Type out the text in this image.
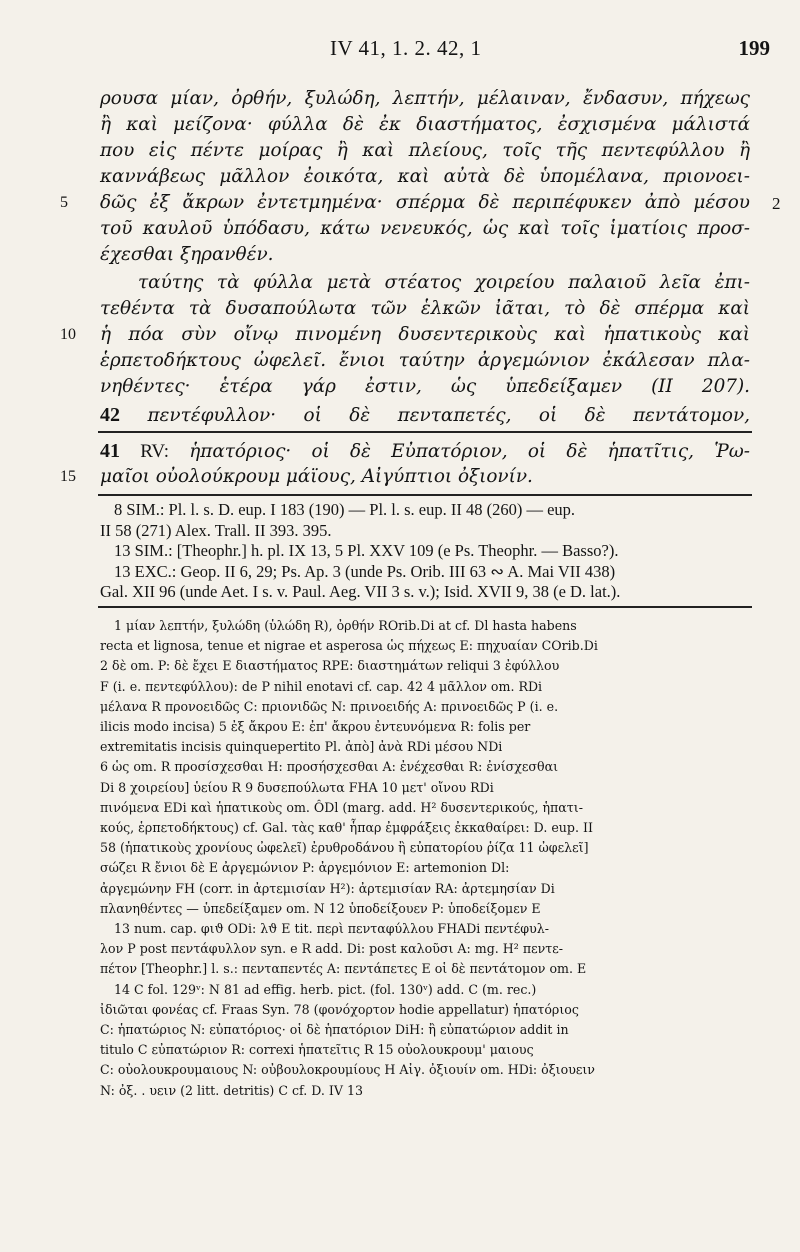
IV 41, 1. 2. 42, 1	199
ρουσα μίαν, ὀρθήν, ξυλώδη, λεπτήν, μέλαιναν, ἔνδασυν, πήχεως
ἢ καὶ μείζονα· φύλλα δὲ ἐκ διαστήματος, ἐσχισμένα μάλιστά
που εἰς πέντε μοίρας ἢ καὶ πλείους, τοῖς τῆς πεντεφύλλου ἢ
καννάβεως μᾶλλον ἐοικότα, καὶ αὐτὰ δὲ ὑπομέλανα, πριονοει-
δῶς ἐξ ἄκρων ἐντετμημένα· σπέρμα δὲ περιπέφυκεν ἀπὸ μέσου
5	2
τοῦ καυλοῦ ὑπόδασυ, κάτω νενευκός, ὡς καὶ τοῖς ἱματίοις προσ-
έχεσθαι ξηρανθέν.
ταύτης τὰ φύλλα μετὰ στέατος χοιρείου παλαιοῦ λεῖα ἐπι-
τεθέντα τὰ δυσαπούλωτα τῶν ἑλκῶν ἰᾶται, τὸ δὲ σπέρμα καὶ
ἡ πόα σὺν οἴνῳ πινομένη δυσεντερικοὺς καὶ ἡπατικοὺς καὶ
10
ἑρπετοδήκτους ὠφελεῖ. ἔνιοι ταύτην ἀργεμώνιον ἐκάλεσαν πλα-
νηθέντες· ἑτέρα γάρ ἐστιν, ὡς ὑπεδείξαμεν (II 207).
42 πεντέφυλλον· οἱ δὲ πενταπετές, οἱ δὲ πεντάτομον,
41 RV: ἡπατόριος· οἱ δὲ Εὐπατόριον, οἱ δὲ ἡπατῖτις, Ῥω-
μαῖοι οὐολούκρουμ μάϊους, Αἰγύπτιοι ὀξιονίν.
15
8 SIM.: Pl. l. s. D. eup. I 183 (190) — Pl. l. s. eup. II 48 (260) — eup.
II 58 (271) Alex. Trall. II 393. 395.
13 SIM.: [Theophr.] h. pl. IX 13, 5 Pl. XXV 109 (e Ps. Theophr. — Basso?).
13 EXC.: Geop. II 6, 29; Ps. Ap. 3 (unde Ps. Orib. III 63 ∾ A. Mai VII 438)
Gal. XII 96 (unde Aet. I s. v. Paul. Aeg. VII 3 s. v.); Isid. XVII 9, 38 (e D. lat.).
1 μίαν λεπτήν, ξυλώδη (ὑλώδη R), ὀρθήν ROrib.Di at cf. Dl hasta habens
recta et lignosa, tenue et nigrae et asperosa ὡς πήχεως E: πηχυαίαν COrib.Di
2 δὲ om. P: δὲ ἔχει E διαστήματος RPE: διαστημάτων reliqui 3 ἐφύλλου
F (i. e. πεντεφύλλου): de P nihil enotavi cf. cap. 42 4 μᾶλλον om. RDi
μέλανα R προνοειδῶς C: πριονιδῶς N: πρινοειδής A: πρινοειδῶς P (i. e.
ilicis modo incisa) 5 ἐξ ἄκρου E: ἐπ' ἄκρου ἐντευνόμενα R: folis per
extremitatis incisis quinquepertito Pl. ἀπὸ] ἀνὰ RDi μέσου NDi
6 ὡς om. R προσίσχεσθαι H: προσήσχεσθαι A: ἐνέχεσθαι R: ἐνίσχεσθαι
Di 8 χοιρείου] ὑείου R 9 δυσεπούλωτα FHA 10 μετ' οἴνου RDi
πινόμενα EDi καὶ ἡπατικοὺς om. ÔDl (marg. add. H² δυσεντερικούς, ἡπατι-
κούς, ἑρπετοδήκτους) cf. Gal. τὰς καθ' ἧπαρ ἐμφράξεις ἐκκαθαίρει: D. eup. II
58 (ἡπατικοὺς χρονίους ὠφελεῖ) ἐρυθροδάνου ἢ εὐπατορίου ῥίζα 11 ὠφελεῖ]
σώζει R ἔνιοι δὲ E ἀργεμώνιον P: ἀργεμόνιον E: artemonion Dl:
ἀργεμώνην FH (corr. in ἀρτεμισίαν H²): ἀρτεμισίαν RA: ἀρτεμησίαν Di
πλανηθέντες — ὑπεδείξαμεν om. N 12 ὑποδείξουεν P: ὑποδείξομεν E
13 num. cap. φιϑ ODi: λϑ E tit. περὶ πενταφύλλου FHADi πεντέφυλ-
λον P post πεντάφυλλον syn. e R add. Di: post καλοῦσι A: mg. H² πεντε-
πέτον [Theophr.] l. s.: πενταπεντές A: πεντάπετες E οἱ δὲ πεντάτομον om. E
14 C fol. 129ᵛ: N 81 ad effig. herb. pict. (fol. 130ᵛ) add. C (m. rec.)
ἰδιῶται φονέας cf. Fraas Syn. 78 (φονόχορτον hodie appellatur) ἡπατόριος
C: ἡπατώριος N: εὐπατόριος· οἱ δὲ ἡπατόριον DiH: ἢ εὐπατώριον addit in
titulo C εὐπατώριον R: correxi ἡπατεῖτις R 15 οὐολουκρουμ' μαιους
C: οὐολουκρουμαιους N: οὐβουλοκρουμίους H Αἰγ. ὀξιουίν om. HDi: ὀξιουειν
N: ὀξ. . υειν (2 litt. detritis) C cf. D. IV 13
